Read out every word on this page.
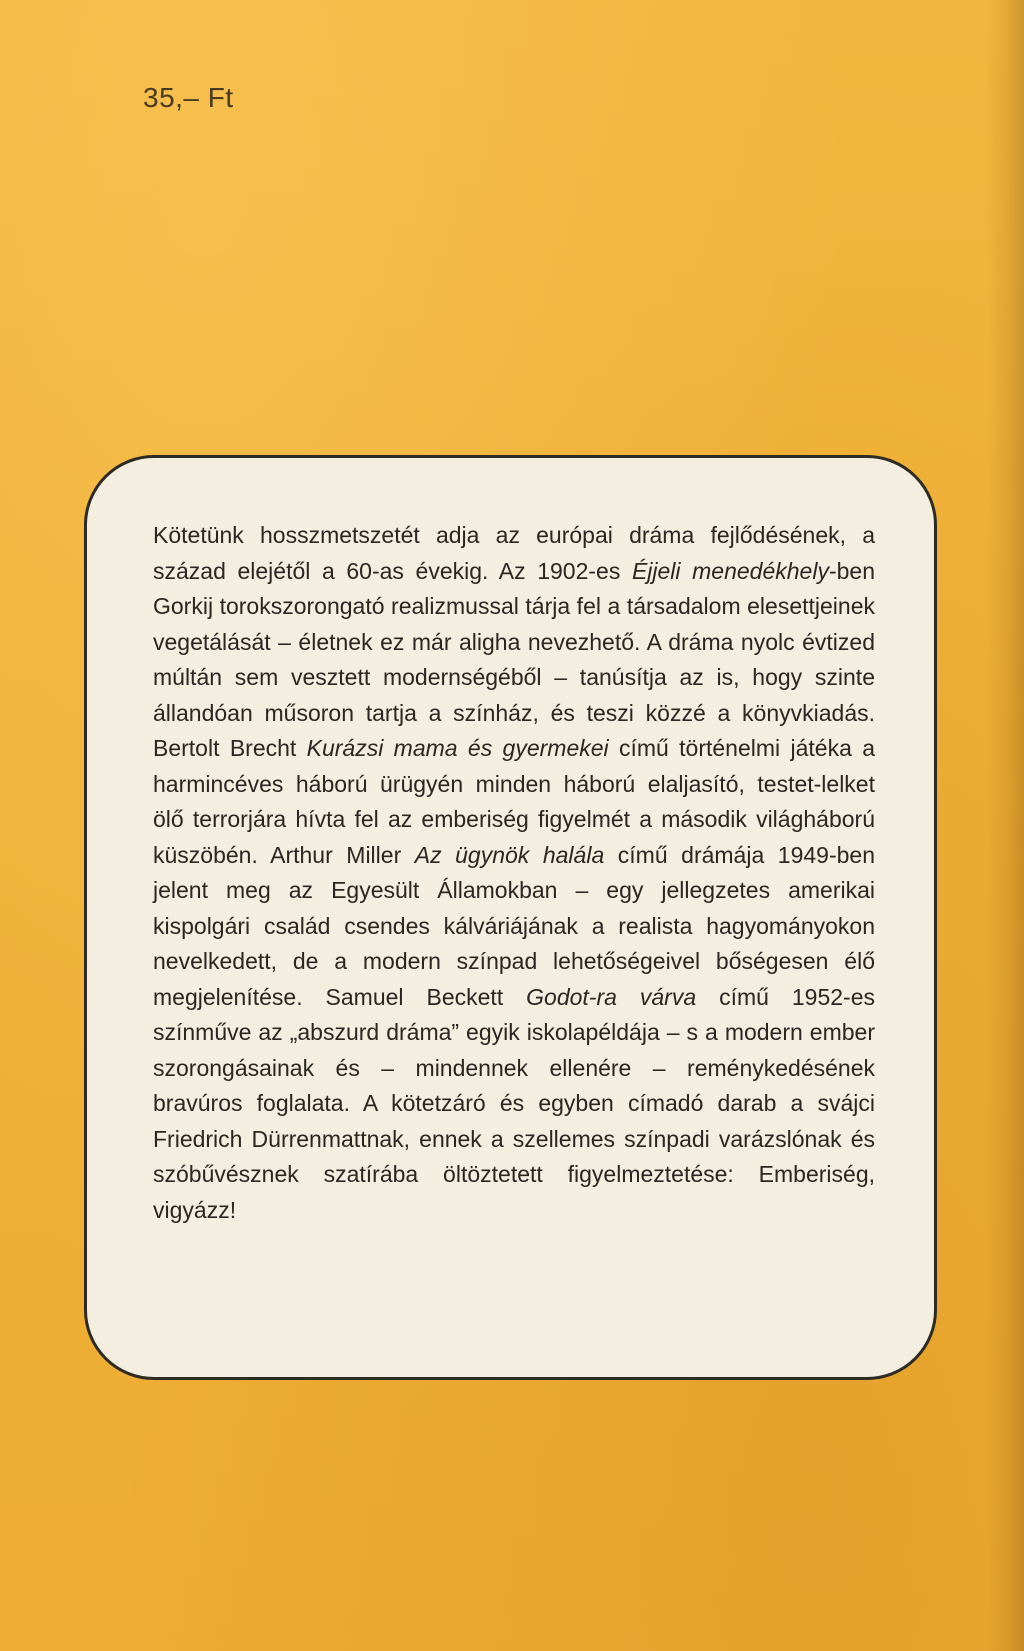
35,– Ft

Kötetünk hosszmetszetét adja az európai dráma fejlődésének, a század elejétől a 60-as évekig. Az 1902-es Éjjeli menedékhely-ben Gorkij torokszorongató realizmussal tárja fel a társadalom elesettjeinek vegetálását – életnek ez már aligha nevezhető. A dráma nyolc évtized múltán sem vesztett modernségéből – tanúsítja az is, hogy szinte állandóan műsoron tartja a színház, és teszi közzé a könyvkiadás. Bertolt Brecht Kurázsi mama és gyermekei című történelmi játéka a harmincéves háború ürügyén minden háború elaljasító, testet-lelket ölő terrorjára hívta fel az emberiség figyelmét a második világháború küszöbén. Arthur Miller Az ügynök halála című drámája 1949-ben jelent meg az Egyesült Államokban – egy jellegzetes amerikai kispolgári család csendes kálváriájának a realista hagyományokon nevelkedett, de a modern színpad lehetőségeivel bőségesen élő megjelenítése. Samuel Beckett Godot-ra várva című 1952-es színműve az „abszurd dráma” egyik iskolapéldája – s a modern ember szorongásainak és – mindennek ellenére – reménykedésének bravúros foglalata. A kötetzáró és egyben címadó darab a svájci Friedrich Dürrenmattnak, ennek a szellemes színpadi varázslónak és szóbűvésznek szatírába öltöztetett figyelmeztetése: Emberiség, vigyázz!
